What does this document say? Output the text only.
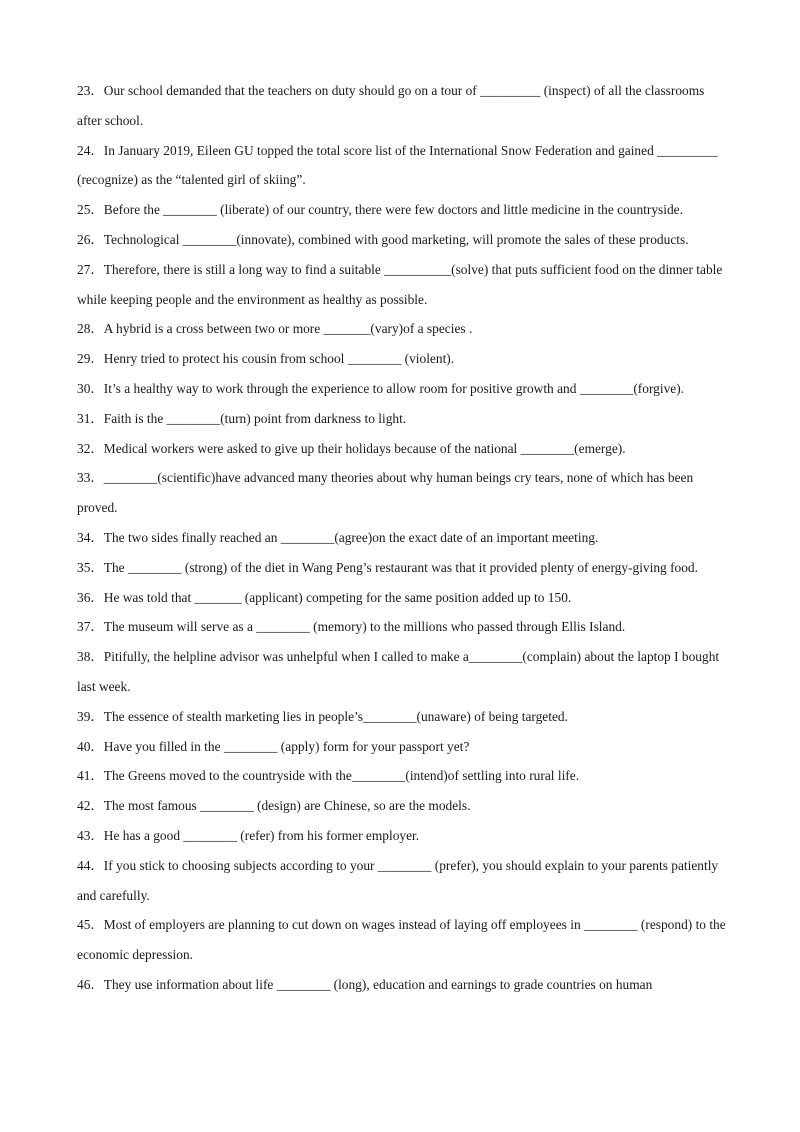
23．Our school demanded that the teachers on duty should go on a tour of _________ (inspect) of all the classrooms after school.

24．In January 2019, Eileen GU topped the total score list of the International Snow Federation and gained _________ (recognize) as the “talented girl of skiing”.

25．Before the ________ (liberate) of our country, there were few doctors and little medicine in the countryside.

26．Technological ________(innovate), combined with good marketing, will promote the sales of these products.

27．Therefore, there is still a long way to find a suitable __________(solve) that puts sufficient food on the dinner table while keeping people and the environment as healthy as possible.

28．A hybrid is a cross between two or more _______(vary)of a species .

29．Henry tried to protect his cousin from school ________ (violent).

30．It’s a healthy way to work through the experience to allow room for positive growth and ________(forgive).

31．Faith is the ________(turn) point from darkness to light.

32．Medical workers were asked to give up their holidays because of the national ________(emerge).

33．________(scientific)have advanced many theories about why human beings cry tears, none of which has been proved.

34．The two sides finally reached an ________(agree)on the exact date of an important meeting.

35．The ________ (strong) of the diet in Wang Peng’s restaurant was that it provided plenty of energy-giving food.

36．He was told that _______ (applicant) competing for the same position added up to 150.

37．The museum will serve as a ________ (memory) to the millions who passed through Ellis Island.

38．Pitifully, the helpline advisor was unhelpful when I called to make a________(complain) about the laptop I bought last week.

39．The essence of stealth marketing lies in people’s________(unaware) of being targeted.

40．Have you filled in the ________ (apply) form for your passport yet?

41．The Greens moved to the countryside with the________(intend)of settling into rural life.

42．The most famous ________ (design) are Chinese, so are the models.

43．He has a good ________ (refer) from his former employer.

44．If you stick to choosing subjects according to your ________ (prefer), you should explain to your parents patiently and carefully.

45．Most of employers are planning to cut down on wages instead of laying off employees in ________ (respond) to the economic depression.

46．They use information about life ________ (long), education and earnings to grade countries on human
